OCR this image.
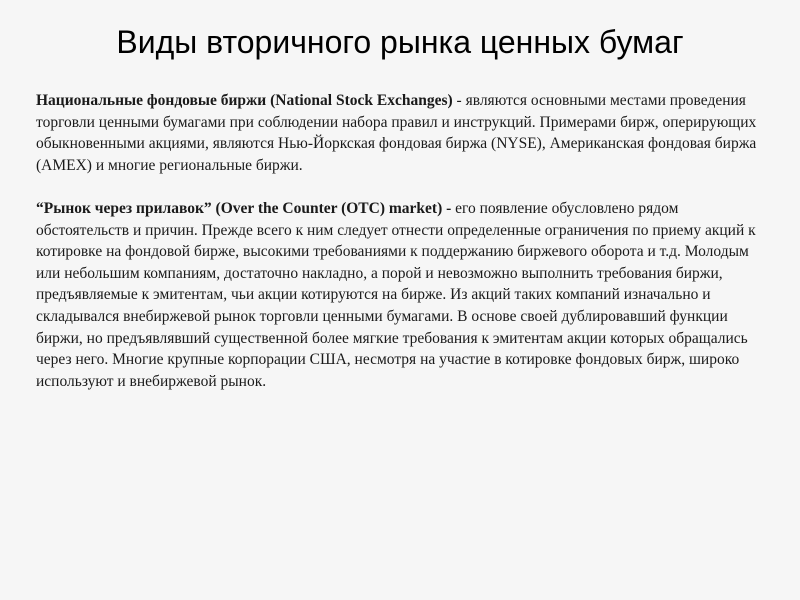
Виды вторичного рынка ценных бумаг

Национальные фондовые биржи (National Stock Exchanges) - являются основными местами проведения торговли ценными бумагами при соблюдении набора правил и инструкций. Примерами бирж, оперирующих обыкновенными акциями, являются Нью-Йоркская фондовая биржа (NYSE), Американская фондовая биржа (AMEX) и многие региональные биржи.

“Рынок через прилавок” (Over the Counter (OTC) market) - его появление обусловлено рядом обстоятельств и причин. Прежде всего к ним следует отнести определенные ограничения по приему акций к котировке на фондовой бирже, высокими требованиями к поддержанию биржевого оборота и т.д. Молодым или небольшим компаниям, достаточно накладно, а порой и невозможно выполнить требования биржи, предъявляемые к эмитентам, чьи акции котируются на бирже. Из акций таких компаний изначально и складывался внебиржевой рынок торговли ценными бумагами. В основе своей дублировавший функции биржи, но предъявлявший существенной более мягкие требования к эмитентам акции которых обращались через него. Многие крупные корпорации США, несмотря на участие в котировке фондовых бирж, широко используют и внебиржевой рынок.
